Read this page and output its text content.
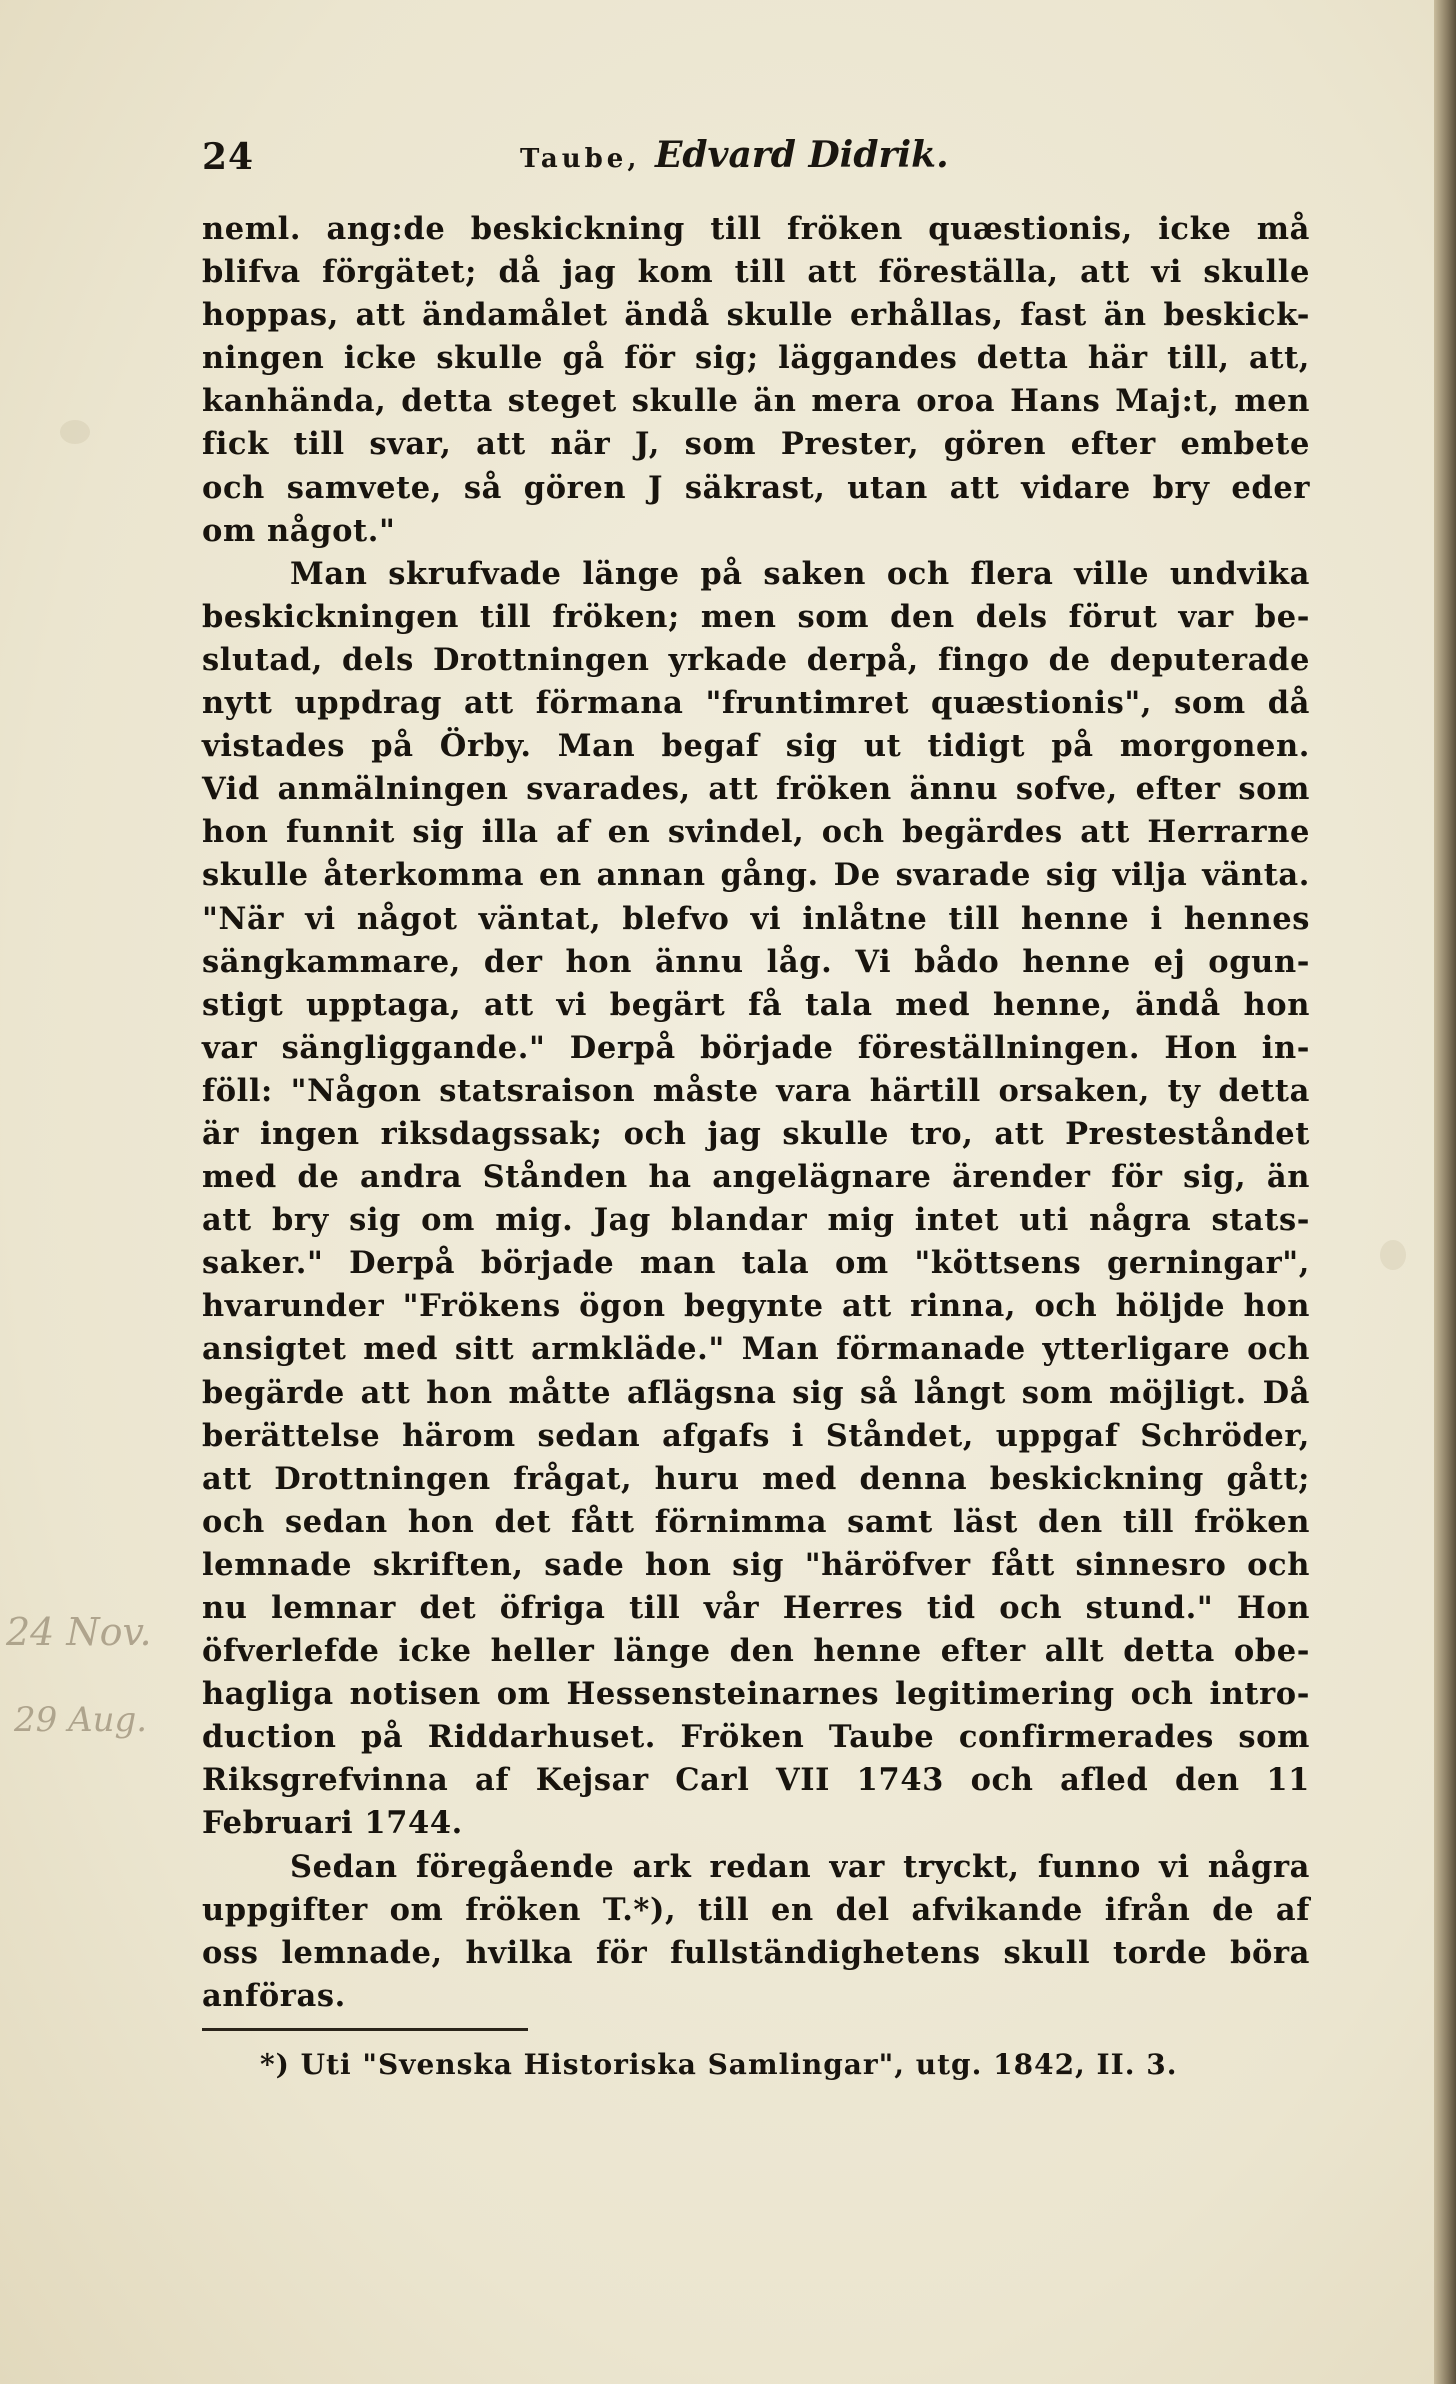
24	Taube, Edvard Didrik.
neml. ang:de beskickning till fröken quæstionis, icke må
blifva förgätet; då jag kom till att föreställa, att vi skulle
hoppas, att ändamålet ändå skulle erhållas, fast än beskick-
ningen icke skulle gå för sig; läggandes detta här till, att,
kanhända, detta steget skulle än mera oroa Hans Maj:t, men
fick till svar, att när J, som Prester, gören efter embete
och samvete, så gören J säkrast, utan att vidare bry eder
om något."
Man skrufvade länge på saken och flera ville undvika
beskickningen till fröken; men som den dels förut var be-
slutad, dels Drottningen yrkade derpå, fingo de deputerade
nytt uppdrag att förmana "fruntimret quæstionis", som då
vistades på Örby. Man begaf sig ut tidigt på morgonen.
Vid anmälningen svarades, att fröken ännu sofve, efter som
hon funnit sig illa af en svindel, och begärdes att Herrarne
skulle återkomma en annan gång. De svarade sig vilja vänta.
"När vi något väntat, blefvo vi inlåtne till henne i hennes
sängkammare, der hon ännu låg. Vi bådo henne ej ogun-
stigt upptaga, att vi begärt få tala med henne, ändå hon
var sängliggande." Derpå började föreställningen. Hon in-
föll: "Någon statsraison måste vara härtill orsaken, ty detta
är ingen riksdagssak; och jag skulle tro, att Presteståndet
med de andra Stånden ha angelägnare ärender för sig, än
att bry sig om mig. Jag blandar mig intet uti några stats-
saker." Derpå började man tala om "köttsens gerningar",
hvarunder "Frökens ögon begynte att rinna, och höljde hon
ansigtet med sitt armkläde." Man förmanade ytterligare och
begärde att hon måtte aflägsna sig så långt som möjligt. Då
berättelse härom sedan afgafs i Ståndet, uppgaf Schröder,
att Drottningen frågat, huru med denna beskickning gått;
och sedan hon det fått förnimma samt läst den till fröken
lemnade skriften, sade hon sig "häröfver fått sinnesro och
nu lemnar det öfriga till vår Herres tid och stund." Hon
öfverlefde icke heller länge den henne efter allt detta obe-
hagliga notisen om Hessensteinarnes legitimering och intro-
duction på Riddarhuset. Fröken Taube confirmerades som
Riksgrefvinna af Kejsar Carl VII 1743 och afled den 11
Februari 1744.
Sedan föregående ark redan var tryckt, funno vi några
uppgifter om fröken T.*), till en del afvikande ifrån de af
oss lemnade, hvilka för fullständighetens skull torde böra
anföras.
24 Nov.
29 Aug.
*) Uti "Svenska Historiska Samlingar", utg. 1842, II. 3.
